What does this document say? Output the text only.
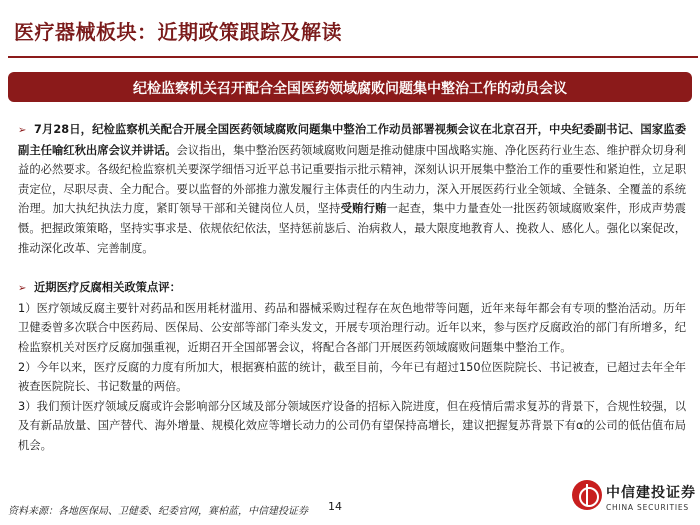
医疗器械板块：近期政策跟踪及解读
纪检监察机关召开配合全国医药领域腐败问题集中整治工作的动员会议

➢ 7月28日，纪检监察机关配合开展全国医药领域腐败问题集中整治工作动员部署视频会议在北京召开，中央纪委副书记、国家监委副主任喻红秋出席会议并讲话。会议指出，集中整治医药领域腐败问题是推动健康中国战略实施、净化医药行业生态、维护群众切身利益的必然要求。各级纪检监察机关要深学细悟习近平总书记重要指示批示精神，深刻认识开展集中整治工作的重要性和紧迫性，立足职责定位，尽职尽责、全力配合。要以监督的外部推力激发履行主体责任的内生动力，深入开展医药行业全领域、全链条、全覆盖的系统治理。加大执纪执法力度，紧盯领导干部和关键岗位人员，坚持受贿行贿一起查，集中力量查处一批医药领域腐败案件，形成声势震慑。把握政策策略，坚持实事求是、依规依纪依法，坚持惩前毖后、治病救人，最大限度地教育人、挽救人、感化人。强化以案促改，推动深化改革、完善制度。

➢ 近期医疗反腐相关政策点评：

1）医疗领域反腐主要针对药品和医用耗材滥用、药品和器械采购过程存在灰色地带等问题，近年来每年都会有专项的整治活动。历年卫健委曾多次联合中医药局、医保局、公安部等部门牵头发文，开展专项治理行动。近年以来，参与医疗反腐政治的部门有所增多，纪检监察机关对医疗反腐加强重视，近期召开全国部署会议，将配合各部门开展医药领域腐败问题集中整治工作。

2）今年以来，医疗反腐的力度有所加大，根据赛柏蓝的统计，截至目前，今年已有超过150位医院院长、书记被查，已超过去年全年被查医院院长、书记数量的两倍。

3）我们预计医疗领域反腐或许会影响部分区域及部分领域医疗设备的招标入院进度，但在疫情后需求复苏的背景下，合规性较强，以及有新品放量、国产替代、海外增量、规模化效应等增长动力的公司仍有望保持高增长，建议把握复苏背景下有α的公司的低估值布局机会。

资料来源：各地医保局、卫健委、纪委官网，赛柏蓝，中信建投证券 14
中信建投证券
CHINA SECURITIES
